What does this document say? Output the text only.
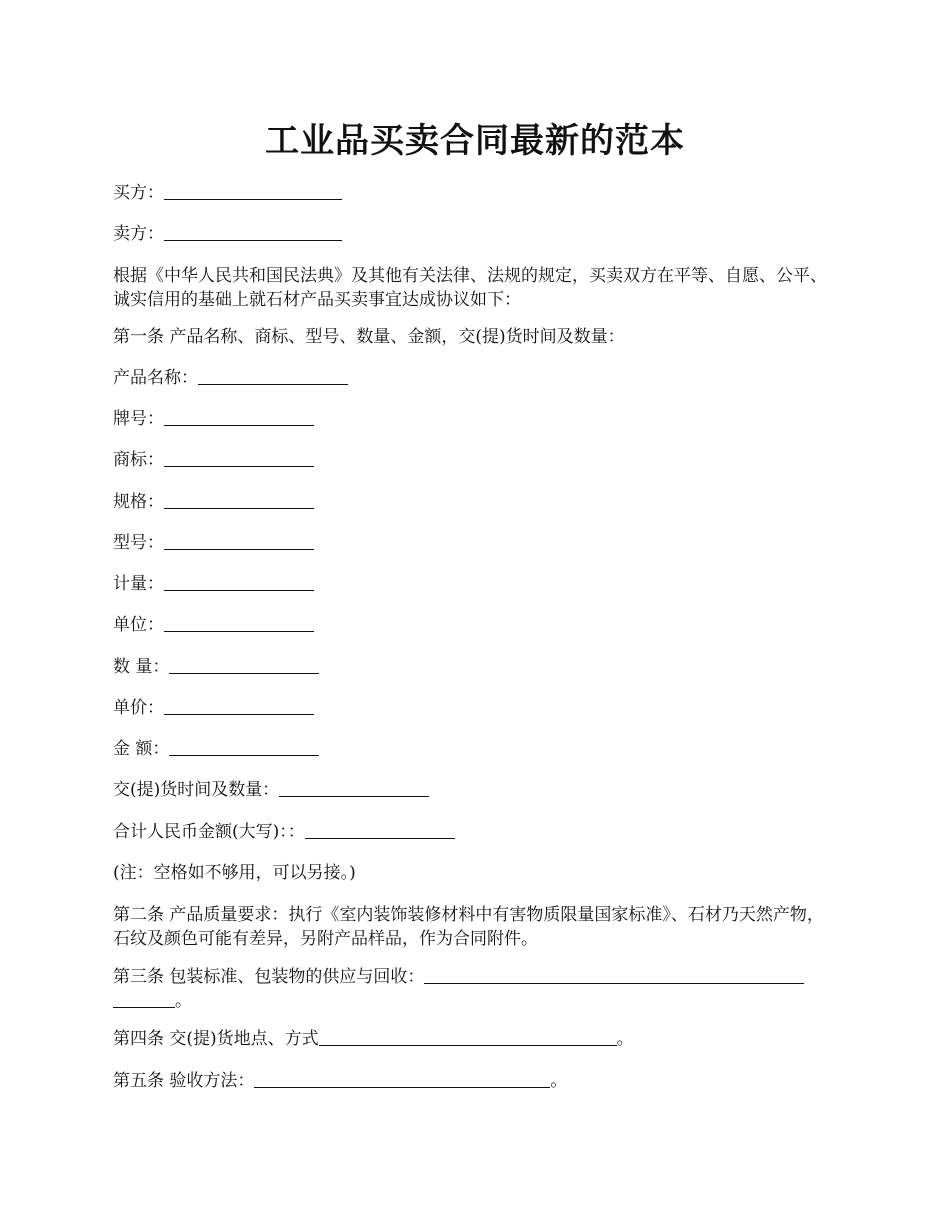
工业品买卖合同最新的范本
买方：
卖方：
根据《中华人民共和国民法典》及其他有关法律、法规的规定，买卖双方在平等、自愿、公平、诚实信用的基础上就石材产品买卖事宜达成协议如下：
第一条 产品名称、商标、型号、数量、金额，交(提)货时间及数量：
产品名称：
牌号：
商标：
规格：
型号：
计量：
单位：
数 量：
单价：
金 额：
交(提)货时间及数量：
合计人民币金额(大写)：：
(注：空格如不够用，可以另接。)
第二条 产品质量要求：执行《室内装饰装修材料中有害物质限量国家标准》、石材乃天然产物，石纹及颜色可能有差异，另附产品样品，作为合同附件。
第三条 包装标准、包装物的供应与回收：
。
第四条 交(提)货地点、方式	。
第五条 验收方法：	。
